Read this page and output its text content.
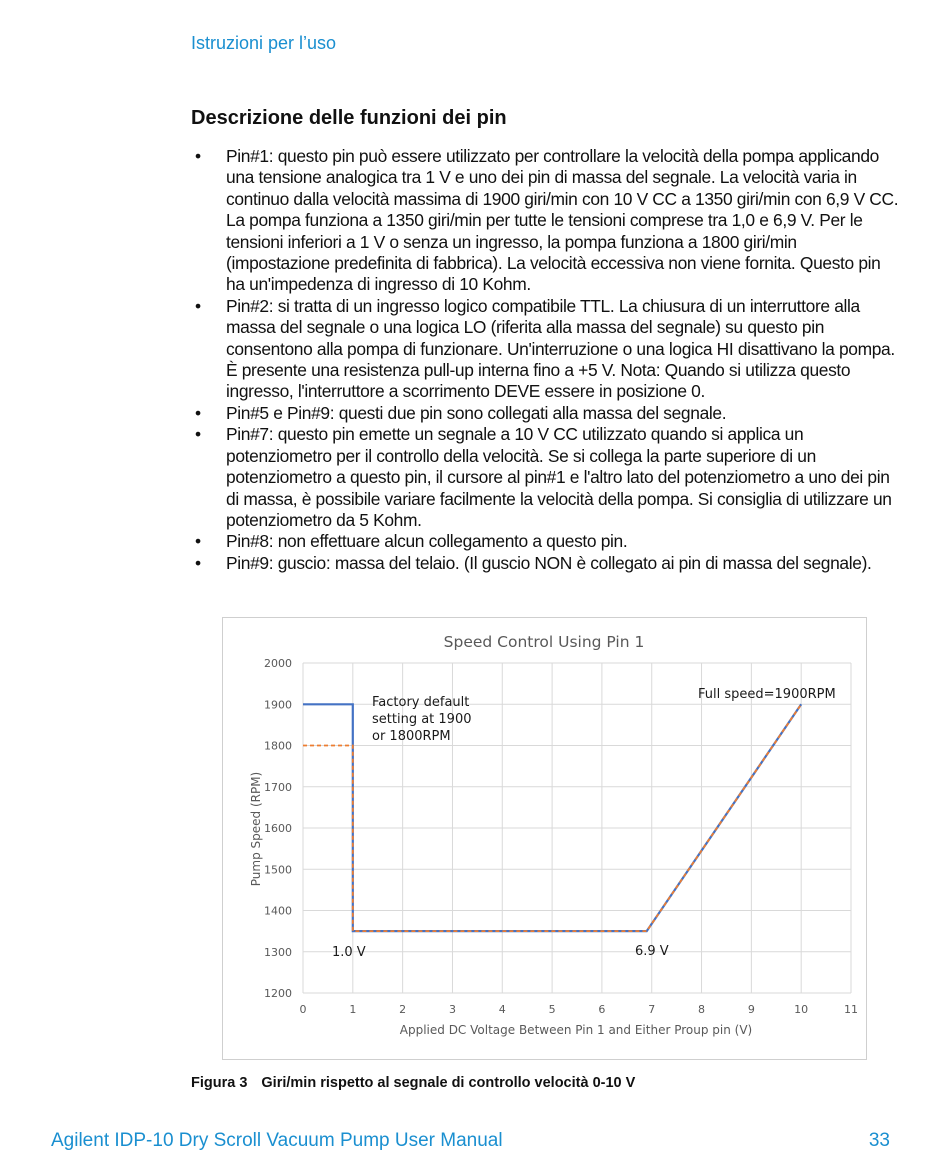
Istruzioni per l’uso
Descrizione delle funzioni dei pin
• Pin#1: questo pin può essere utilizzato per controllare la velocità della pompa applicando una tensione analogica tra 1 V e uno dei pin di massa del segnale. La velocità varia in continuo dalla velocità massima di 1900 giri/min con 10 V CC a 1350 giri/min con 6,9 V CC. La pompa funziona a 1350 giri/min per tutte le tensioni comprese tra 1,0 e 6,9 V. Per le tensioni inferiori a 1 V o senza un ingresso, la pompa funziona a 1800 giri/min (impostazione predefinita di fabbrica). La velocità eccessiva non viene fornita. Questo pin ha un'impedenza di ingresso di 10 Kohm.
• Pin#2: si tratta di un ingresso logico compatibile TTL. La chiusura di un interruttore alla massa del segnale o una logica LO (riferita alla massa del segnale) su questo pin consentono alla pompa di funzionare. Un'interruzione o una logica HI disattivano la pompa. È presente una resistenza pull-up interna fino a +5 V. Nota: Quando si utilizza questo ingresso, l'interruttore a scorrimento DEVE essere in posizione 0.
• Pin#5 e Pin#9: questi due pin sono collegati alla massa del segnale.
• Pin#7: questo pin emette un segnale a 10 V CC utilizzato quando si applica un potenziometro per il controllo della velocità. Se si collega la parte superiore di un potenziometro a questo pin, il cursore al pin#1 e l'altro lato del potenziometro a uno dei pin di massa, è possibile variare facilmente la velocità della pompa. Si consiglia di utilizzare un potenziometro da 5 Kohm.
• Pin#8: non effettuare alcun collegamento a questo pin.
• Pin#9: guscio: massa del telaio. (Il guscio NON è collegato ai pin di massa del segnale).
Speed Control Using Pin 1
1200
1300
1400
1500
1600
1700
1800
1900
2000
0	1	2	3	4	5	6	7	8	9	10	11
Pump Speed (RPM)
Applied DC Voltage Between Pin 1 and Either Proup pin (V)
Factory default setting at 1900 or 1800RPM
Full speed=1900RPM
1.0 V	6.9 V
Figura 3 Giri/min rispetto al segnale di controllo velocità 0-10 V
Agilent IDP-10 Dry Scroll Vacuum Pump User Manual	33
